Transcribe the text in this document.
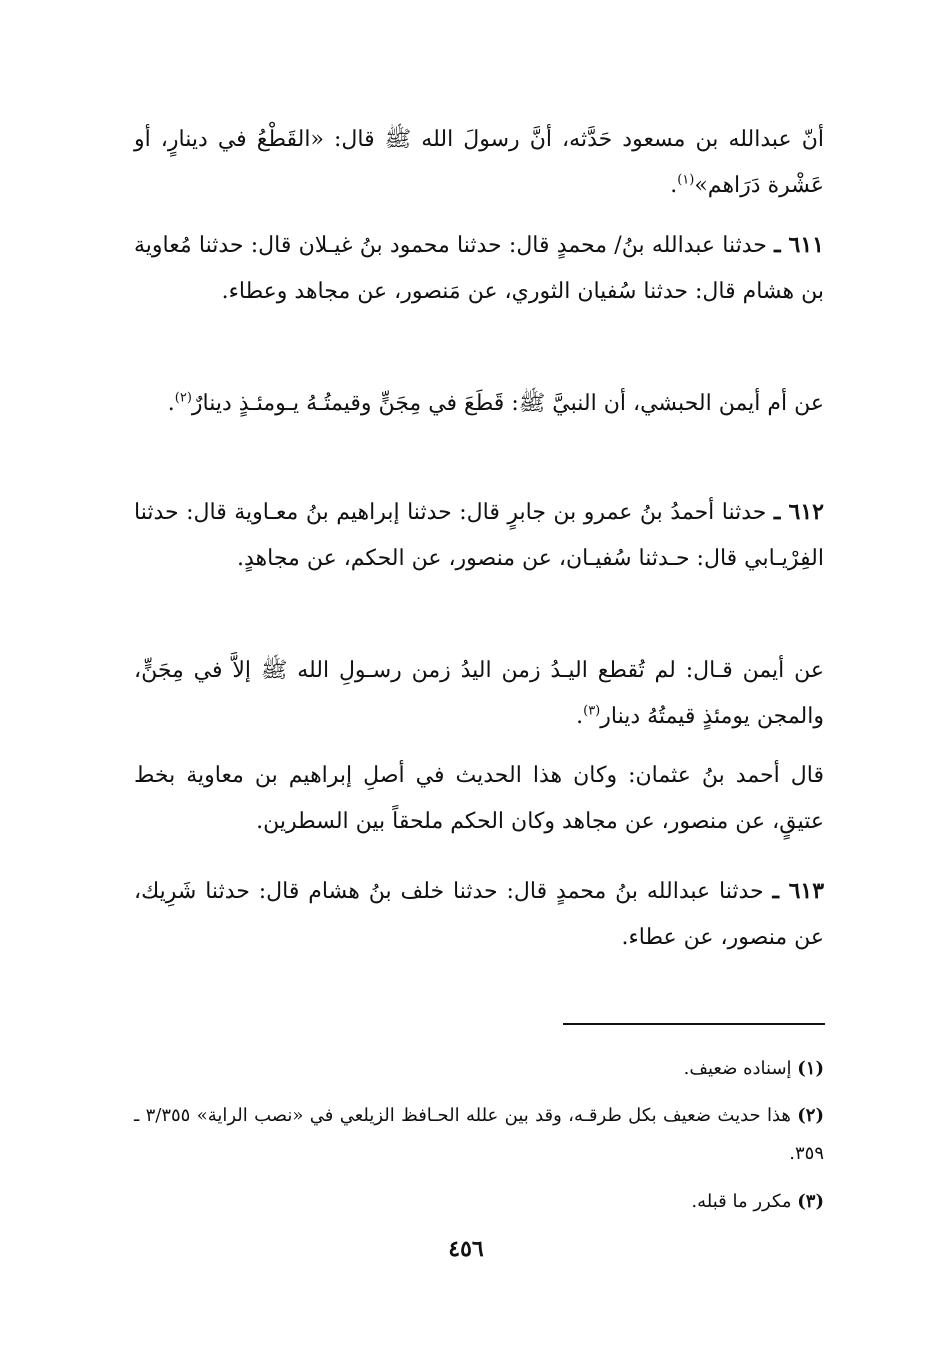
أنّ عبدالله بن مسعود حَدَّثه، أنَّ رسولَ الله ﷺ قال: «القَطْعُ في دينارٍ، أو عَشْرة دَرَاهم»$^{(١)}$.

٦١١ ـ حدثنا عبدالله بنُ/ محمدٍ قال: حدثنا محمود بنُ غيـلان قال: حدثنا مُعاوية بن هشام قال: حدثنا سُفيان الثوري، عن مَنصور، عن مجاهد وعطاء.

عن أم أيمن الحبشي، أن النبيَّ ﷺ: قَطَعَ في مِجَنٍّ وقيمتُـهُ يـومئـذٍ دينارٌ$^{(٢)}$.

٦١٢ ـ حدثنا أحمدُ بنُ عمرو بن جابرٍ قال: حدثنا إبراهيم بنُ معـاوية قال: حدثنا الفِرْيـابي قال: حـدثنا سُفيـان، عن منصور، عن الحكم، عن مجاهدٍ.

عن أيمن قـال: لم تُقطع اليـدُ زمن اليدُ زمن رسـولِ الله ﷺ إلاَّ في مِجَنٍّ، والمجن يومئذٍ قيمتُهُ دينار$^{(٣)}$.

قال أحمد بنُ عثمان: وكان هذا الحديث في أصلِ إبراهيم بن معاوية بخط عتيقٍ، عن منصور، عن مجاهد وكان الحكم ملحقاً بين السطرين.

٦١٣ ـ حدثنا عبدالله بنُ محمدٍ قال: حدثنا خلف بنُ هشام قال: حدثنا شَرِيك، عن منصور، عن عطاء.

(١) إسناده ضعيف.

(٢) هذا حديث ضعيف بكل طرقـه، وقد بين علله الحـافظ الزيلعي في «نصب الراية» ٣/٣٥٥ ـ ٣٥٩.

(٣) مكرر ما قبله.

٤٥٦
